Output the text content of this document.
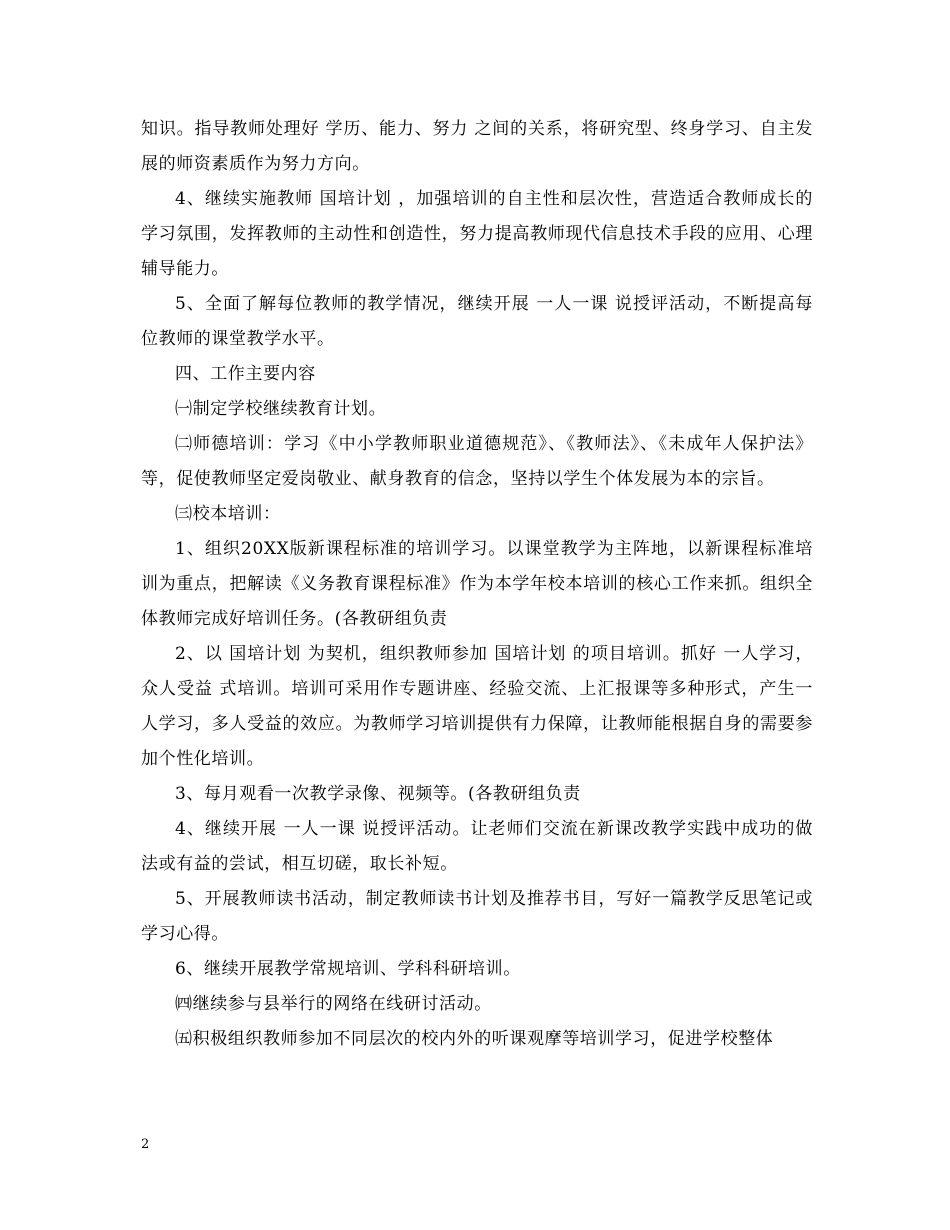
知识。指导教师处理好 学历、能力、努力 之间的关系，将研究型、终身学习、自主发展的师资素质作为努力方向。

4、继续实施教师 国培计划 ，加强培训的自主性和层次性，营造适合教师成长的学习氛围，发挥教师的主动性和创造性，努力提高教师现代信息技术手段的应用、心理辅导能力。

5、全面了解每位教师的教学情况，继续开展 一人一课 说授评活动，不断提高每位教师的课堂教学水平。

四、工作主要内容

㈠制定学校继续教育计划。

㈡师德培训：学习《中小学教师职业道德规范》、《教师法》、《未成年人保护法》等，促使教师坚定爱岗敬业、献身教育的信念，坚持以学生个体发展为本的宗旨。

㈢校本培训：

1、组织20XX版新课程标准的培训学习。以课堂教学为主阵地，以新课程标准培训为重点，把解读《义务教育课程标准》作为本学年校本培训的核心工作来抓。组织全体教师完成好培训任务。(各教研组负责

2、以 国培计划 为契机，组织教师参加 国培计划 的项目培训。抓好 一人学习，众人受益 式培训。培训可采用作专题讲座、经验交流、上汇报课等多种形式，产生一人学习，多人受益的效应。为教师学习培训提供有力保障，让教师能根据自身的需要参加个性化培训。

3、每月观看一次教学录像、视频等。(各教研组负责

4、继续开展 一人一课 说授评活动。让老师们交流在新课改教学实践中成功的做法或有益的尝试，相互切磋，取长补短。

5、开展教师读书活动，制定教师读书计划及推荐书目，写好一篇教学反思笔记或学习心得。

6、继续开展教学常规培训、学科科研培训。

㈣继续参与县举行的网络在线研讨活动。

㈤积极组织教师参加不同层次的校内外的听课观摩等培训学习，促进学校整体

2
